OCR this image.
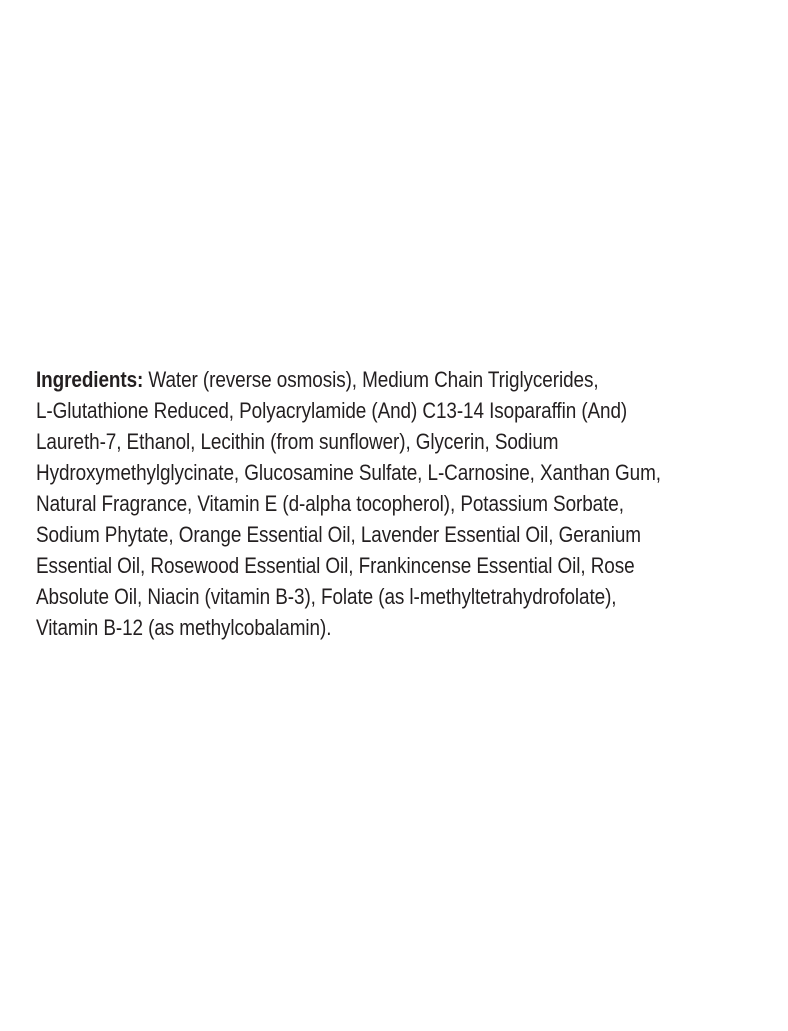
Ingredients: Water (reverse osmosis), Medium Chain Triglycerides,
L-Glutathione Reduced, Polyacrylamide (And) C13-14 Isoparaffin (And)
Laureth-7, Ethanol, Lecithin (from sunflower), Glycerin, Sodium
Hydroxymethylglycinate, Glucosamine Sulfate, L-Carnosine, Xanthan Gum,
Natural Fragrance, Vitamin E (d-alpha tocopherol), Potassium Sorbate,
Sodium Phytate, Orange Essential Oil, Lavender Essential Oil, Geranium
Essential Oil, Rosewood Essential Oil, Frankincense Essential Oil, Rose
Absolute Oil, Niacin (vitamin B-3), Folate (as l-methyltetrahydrofolate),
Vitamin B-12 (as methylcobalamin).
